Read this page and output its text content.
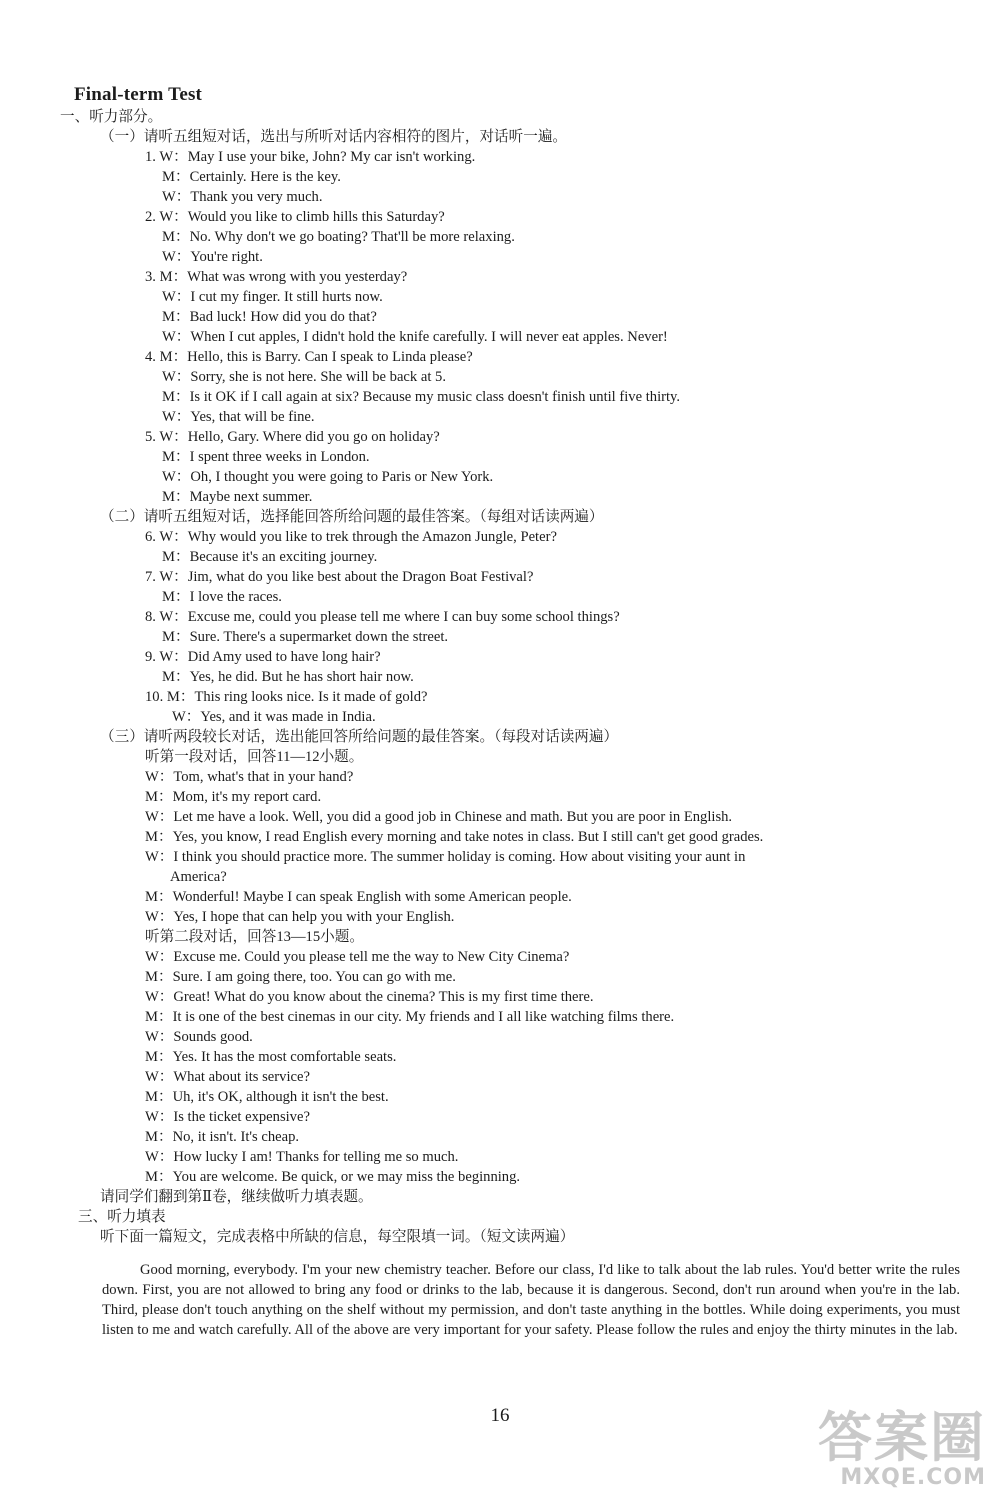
Final-term Test
一、听力部分。
（一）请听五组短对话，选出与所听对话内容相符的图片，对话听一遍。
1. W：May I use your bike, John? My car isn't working.
M：Certainly. Here is the key.
W：Thank you very much.
2. W：Would you like to climb hills this Saturday?
M：No. Why don't we go boating? That'll be more relaxing.
W：You're right.
3. M：What was wrong with you yesterday?
W：I cut my finger. It still hurts now.
M：Bad luck! How did you do that?
W：When I cut apples, I didn't hold the knife carefully. I will never eat apples. Never!
4. M：Hello, this is Barry. Can I speak to Linda please?
W：Sorry, she is not here. She will be back at 5.
M：Is it OK if I call again at six? Because my music class doesn't finish until five thirty.
W：Yes, that will be fine.
5. W：Hello, Gary. Where did you go on holiday?
M：I spent three weeks in London.
W：Oh, I thought you were going to Paris or New York.
M：Maybe next summer.
（二）请听五组短对话，选择能回答所给问题的最佳答案。（每组对话读两遍）
6. W：Why would you like to trek through the Amazon Jungle, Peter?
M：Because it's an exciting journey.
7. W：Jim, what do you like best about the Dragon Boat Festival?
M：I love the races.
8. W：Excuse me, could you please tell me where I can buy some school things?
M：Sure. There's a supermarket down the street.
9. W：Did Amy used to have long hair?
M：Yes, he did. But he has short hair now.
10. M：This ring looks nice. Is it made of gold?
W：Yes, and it was made in India.
（三）请听两段较长对话，选出能回答所给问题的最佳答案。（每段对话读两遍）
听第一段对话，回答11—12小题。
W：Tom, what's that in your hand?
M：Mom, it's my report card.
W：Let me have a look. Well, you did a good job in Chinese and math. But you are poor in English.
M：Yes, you know, I read English every morning and take notes in class. But I still can't get good grades.
W：I think you should practice more. The summer holiday is coming. How about visiting your aunt in
America?
M：Wonderful! Maybe I can speak English with some American people.
W：Yes, I hope that can help you with your English.
听第二段对话，回答13—15小题。
W：Excuse me. Could you please tell me the way to New City Cinema?
M：Sure. I am going there, too. You can go with me.
W：Great! What do you know about the cinema? This is my first time there.
M：It is one of the best cinemas in our city. My friends and I all like watching films there.
W：Sounds good.
M：Yes. It has the most comfortable seats.
W：What about its service?
M：Uh, it's OK, although it isn't the best.
W：Is the ticket expensive?
M：No, it isn't. It's cheap.
W：How lucky I am! Thanks for telling me so much.
M：You are welcome. Be quick, or we may miss the beginning.
请同学们翻到第Ⅱ卷，继续做听力填表题。
三、听力填表
听下面一篇短文，完成表格中所缺的信息，每空限填一词。（短文读两遍）
Good morning, everybody. I'm your new chemistry teacher. Before our class, I'd like to talk about the lab rules. You'd better write the rules down. First, you are not allowed to bring any food or drinks to the lab, because it is dangerous. Second, don't run around when you're in the lab. Third, please don't touch anything on the shelf without my permission, and don't taste anything in the bottles. While doing experiments, you must listen to me and watch carefully. All of the above are very important for your safety. Please follow the rules and enjoy the thirty minutes in the lab.
16	答案圈
MXQE.COM
